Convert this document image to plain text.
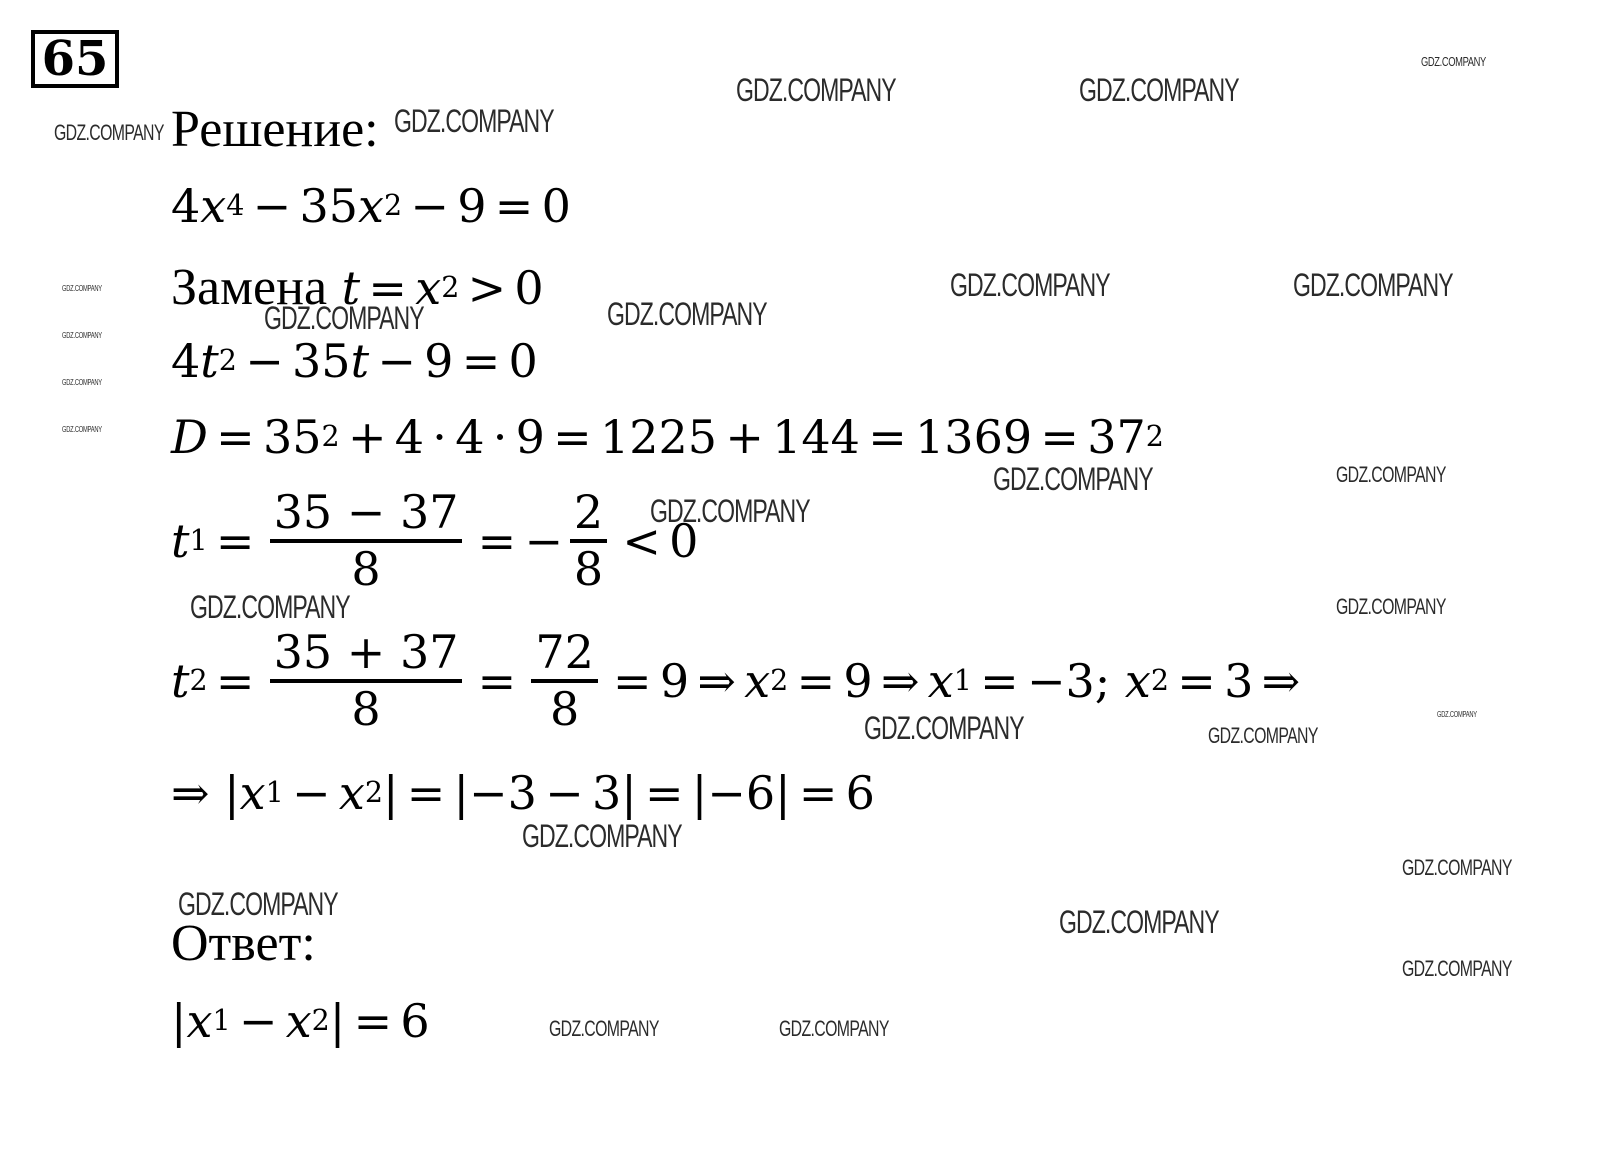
65
Решение:
4 x 4 − 35 x 2 − 9 = 0
Замена
t = x 2 > 0
4 t 2 − 35 t − 9 = 0
D = 35 2 + 4 · 4 · 9 = 1225 + 144 = 1369 = 37 2
t $1 = \frac{35 - 37}{8}$ = − $\frac{2}{8} < 0$
t $2 = \frac{35 + 37}{8} = \frac{72}{8} = 9$ ⇒ x 2 = 9 ⇒ x 1 = −3; x 2 = 3 ⇒
⇒ | x 1 − x 2 | = |−3 − 3| = |−6| = 6
Ответ:
| x 1 − x 2 | = 6
GDZ.COMPANY	GDZ.COMPANY
GDZ.COMPANY
GDZ.COMPANY	GDZ.COMPANY
GDZ.COMPANY
GDZ.COMPANY
GDZ.COMPANY
GDZ.COMPANY
GDZ.COMPANY	GDZ.COMPANY
GDZ.COMPANY	GDZ.COMPANY
GDZ.COMPANY	GDZ.COMPANY
GDZ.COMPANY
GDZ.COMPANY	GDZ.COMPANY
GDZ.COMPANY	GDZ.COMPANY
GDZ.COMPANY
GDZ.COMPANY
GDZ.COMPANY
GDZ.COMPANY	GDZ.COMPANY
GDZ.COMPANY
GDZ.COMPANY	GDZ.COMPANY
